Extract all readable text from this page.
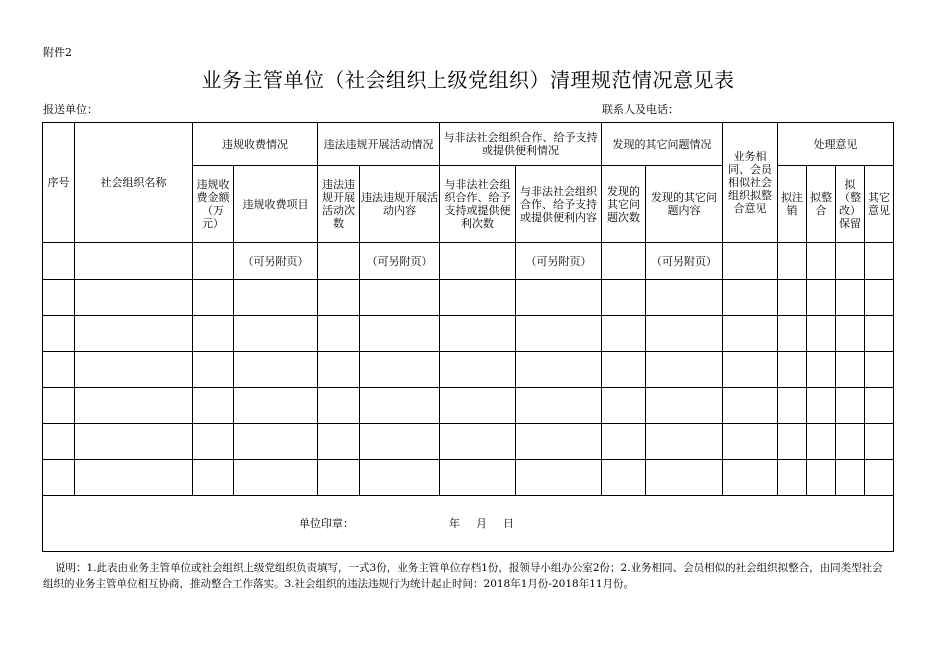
附件2
业务主管单位（社会组织上级党组织）清理规范情况意见表
报送单位：	联系人及电话：
序号	社会组织名称	违规收费情况		违法违规开展活动情况		与非法社会组织合作、给予支持或提供便利情况		发现的其它问题情况		业务相同、会员相似社会组织拟整合意见	处理意见			
		违规收费金额（万元）	违规收费项目	违法违规开展活动次数	违法违规开展活动内容	与非法社会组织合作、给予支持或提供便利次数	与非法社会组织合作、给予支持或提供便利内容	发现的其它问题次数	发现的其它问题内容		拟注销	拟整合	拟（整改）保留	其它意见
			（可另附页）		（可另附页）		（可另附页）		（可另附页）					

单位印章： 年 月 日														
说明：1.此表由业务主管单位或社会组织上级党组织负责填写，一式3份，业务主管单位存档1份，报领导小组办公室2份；2.业务相同、会员相似的社会组织拟整合，由同类型社会组织的业务主管单位相互协商，推动整合工作落实。3.社会组织的违法违规行为统计起止时间：2018年1月份-2018年11月份。
